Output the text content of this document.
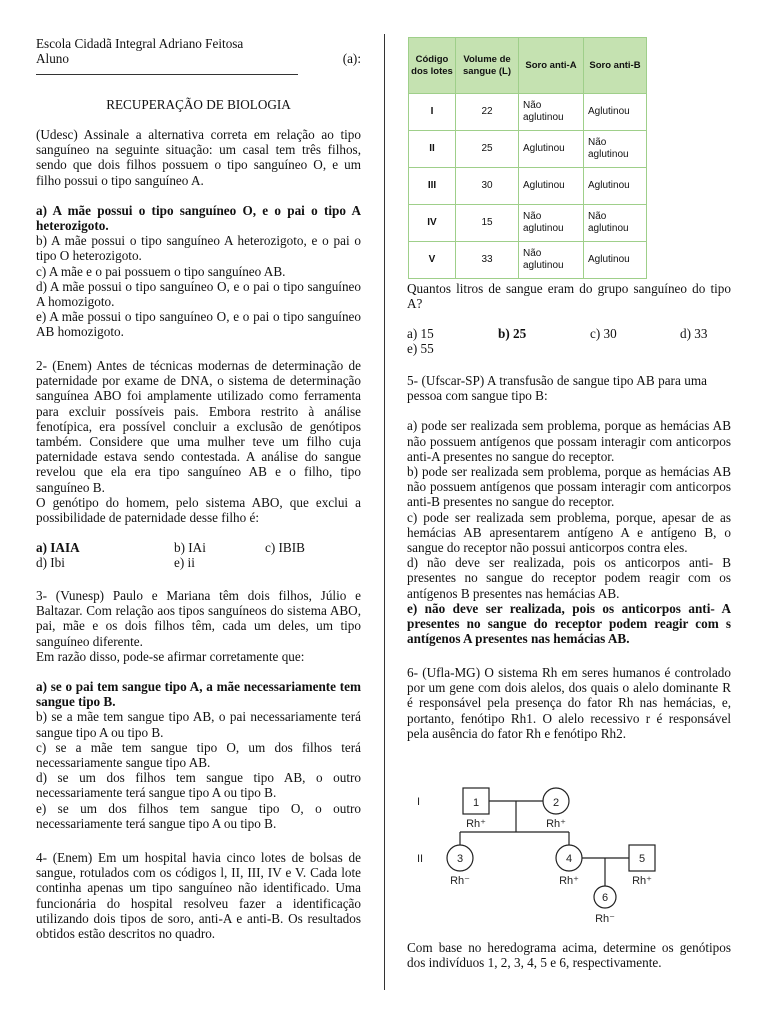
Escola Cidadã Integral Adriano Feitosa
Aluno	(a):
RECUPERAÇÃO DE BIOLOGIA

(Udesc) Assinale a alternativa correta em relação ao tipo sanguíneo na seguinte situação: um casal tem três filhos, sendo que dois filhos possuem o tipo sanguíneo O, e um filho possui o tipo sanguíneo A.

a) A mãe possui o tipo sanguíneo O, e o pai o tipo A heterozigoto.

b) A mãe possui o tipo sanguíneo A heterozigoto, e o pai o tipo O heterozigoto.

c) A mãe e o pai possuem o tipo sanguíneo AB.

d) A mãe possui o tipo sanguíneo O, e o pai o tipo sanguíneo A homozigoto.

e) A mãe possui o tipo sanguíneo O, e o pai o tipo sanguíneo AB homozigoto.

2- (Enem) Antes de técnicas modernas de determinação de paternidade por exame de DNA, o sistema de determinação sanguínea ABO foi amplamente utilizado como ferramenta para excluir possíveis pais. Embora restrito à análise fenotípica, era possível concluir a exclusão de genótipos também. Considere que uma mulher teve um filho cuja paternidade estava sendo contestada. A análise do sangue revelou que ela era tipo sanguíneo AB e o filho, tipo sanguíneo B.

O genótipo do homem, pelo sistema ABO, que exclui a possibilidade de paternidade desse filho é:

a) IAIA	b) IAi	c) IBIB
d) Ibi	e) ii

3- (Vunesp) Paulo e Mariana têm dois filhos, Júlio e Baltazar. Com relação aos tipos sanguíneos do sistema ABO, pai, mãe e os dois filhos têm, cada um deles, um tipo sanguíneo diferente.

Em razão disso, pode-se afirmar corretamente que:

a) se o pai tem sangue tipo A, a mãe necessariamente tem sangue tipo B.

b) se a mãe tem sangue tipo AB, o pai necessariamente terá sangue tipo A ou tipo B.

c) se a mãe tem sangue tipo O, um dos filhos terá necessariamente sangue tipo AB.

d) se um dos filhos tem sangue tipo AB, o outro necessariamente terá sangue tipo A ou tipo B.

e) se um dos filhos tem sangue tipo O, o outro necessariamente terá sangue tipo A ou tipo B.

4- (Enem) Em um hospital havia cinco lotes de bolsas de sangue, rotulados com os códigos l, II, III, IV e V. Cada lote continha apenas um tipo sanguíneo não identificado. Uma funcionária do hospital resolveu fazer a identificação utilizando dois tipos de soro, anti-A e anti-B. Os resultados obtidos estão descritos no quadro.

Código dos lotes	Volume de sangue (L)	Soro anti-A	Soro anti-B
I	22	Não aglutinou	Aglutinou
II	25	Aglutinou	Não aglutinou
III	30	Aglutinou	Aglutinou
IV	15	Não aglutinou	Não aglutinou
V	33	Não aglutinou	Aglutinou

Quantos litros de sangue eram do grupo sanguíneo do tipo A?

a) 15	b) 25	c) 30	d) 33
e) 55

5- (Ufscar-SP) A transfusão de sangue tipo AB para uma pessoa com sangue tipo B:

a) pode ser realizada sem problema, porque as hemácias AB não possuem antígenos que possam interagir com anticorpos anti-A presentes no sangue do receptor.

b) pode ser realizada sem problema, porque as hemácias AB não possuem antígenos que possam interagir com anticorpos anti-B presentes no sangue do receptor.

c) pode ser realizada sem problema, porque, apesar de as hemácias AB apresentarem antígeno A e antígeno B, o sangue do receptor não possui anticorpos contra eles.

d) não deve ser realizada, pois os anticorpos anti- B presentes no sangue do receptor podem reagir com os antígenos B presentes nas hemácias AB.

e) não deve ser realizada, pois os anticorpos anti- A presentes no sangue do receptor podem reagir com s antígenos A presentes nas hemácias AB.

6- (Ufla-MG) O sistema Rh em seres humanos é controlado por um gene com dois alelos, dos quais o alelo dominante R é responsável pela presença do fator Rh nas hemácias, e, portanto, fenótipo Rh1. O alelo recessivo r é responsável pela ausência do fator Rh e fenótipo Rh2.

I
II
1
Rh⁺
2
Rh⁺
3
Rh⁻
4
Rh⁺
5
Rh⁺
6
Rh⁻

Com base no heredograma acima, determine os genótipos dos indivíduos 1, 2, 3, 4, 5 e 6, respectivamente.
